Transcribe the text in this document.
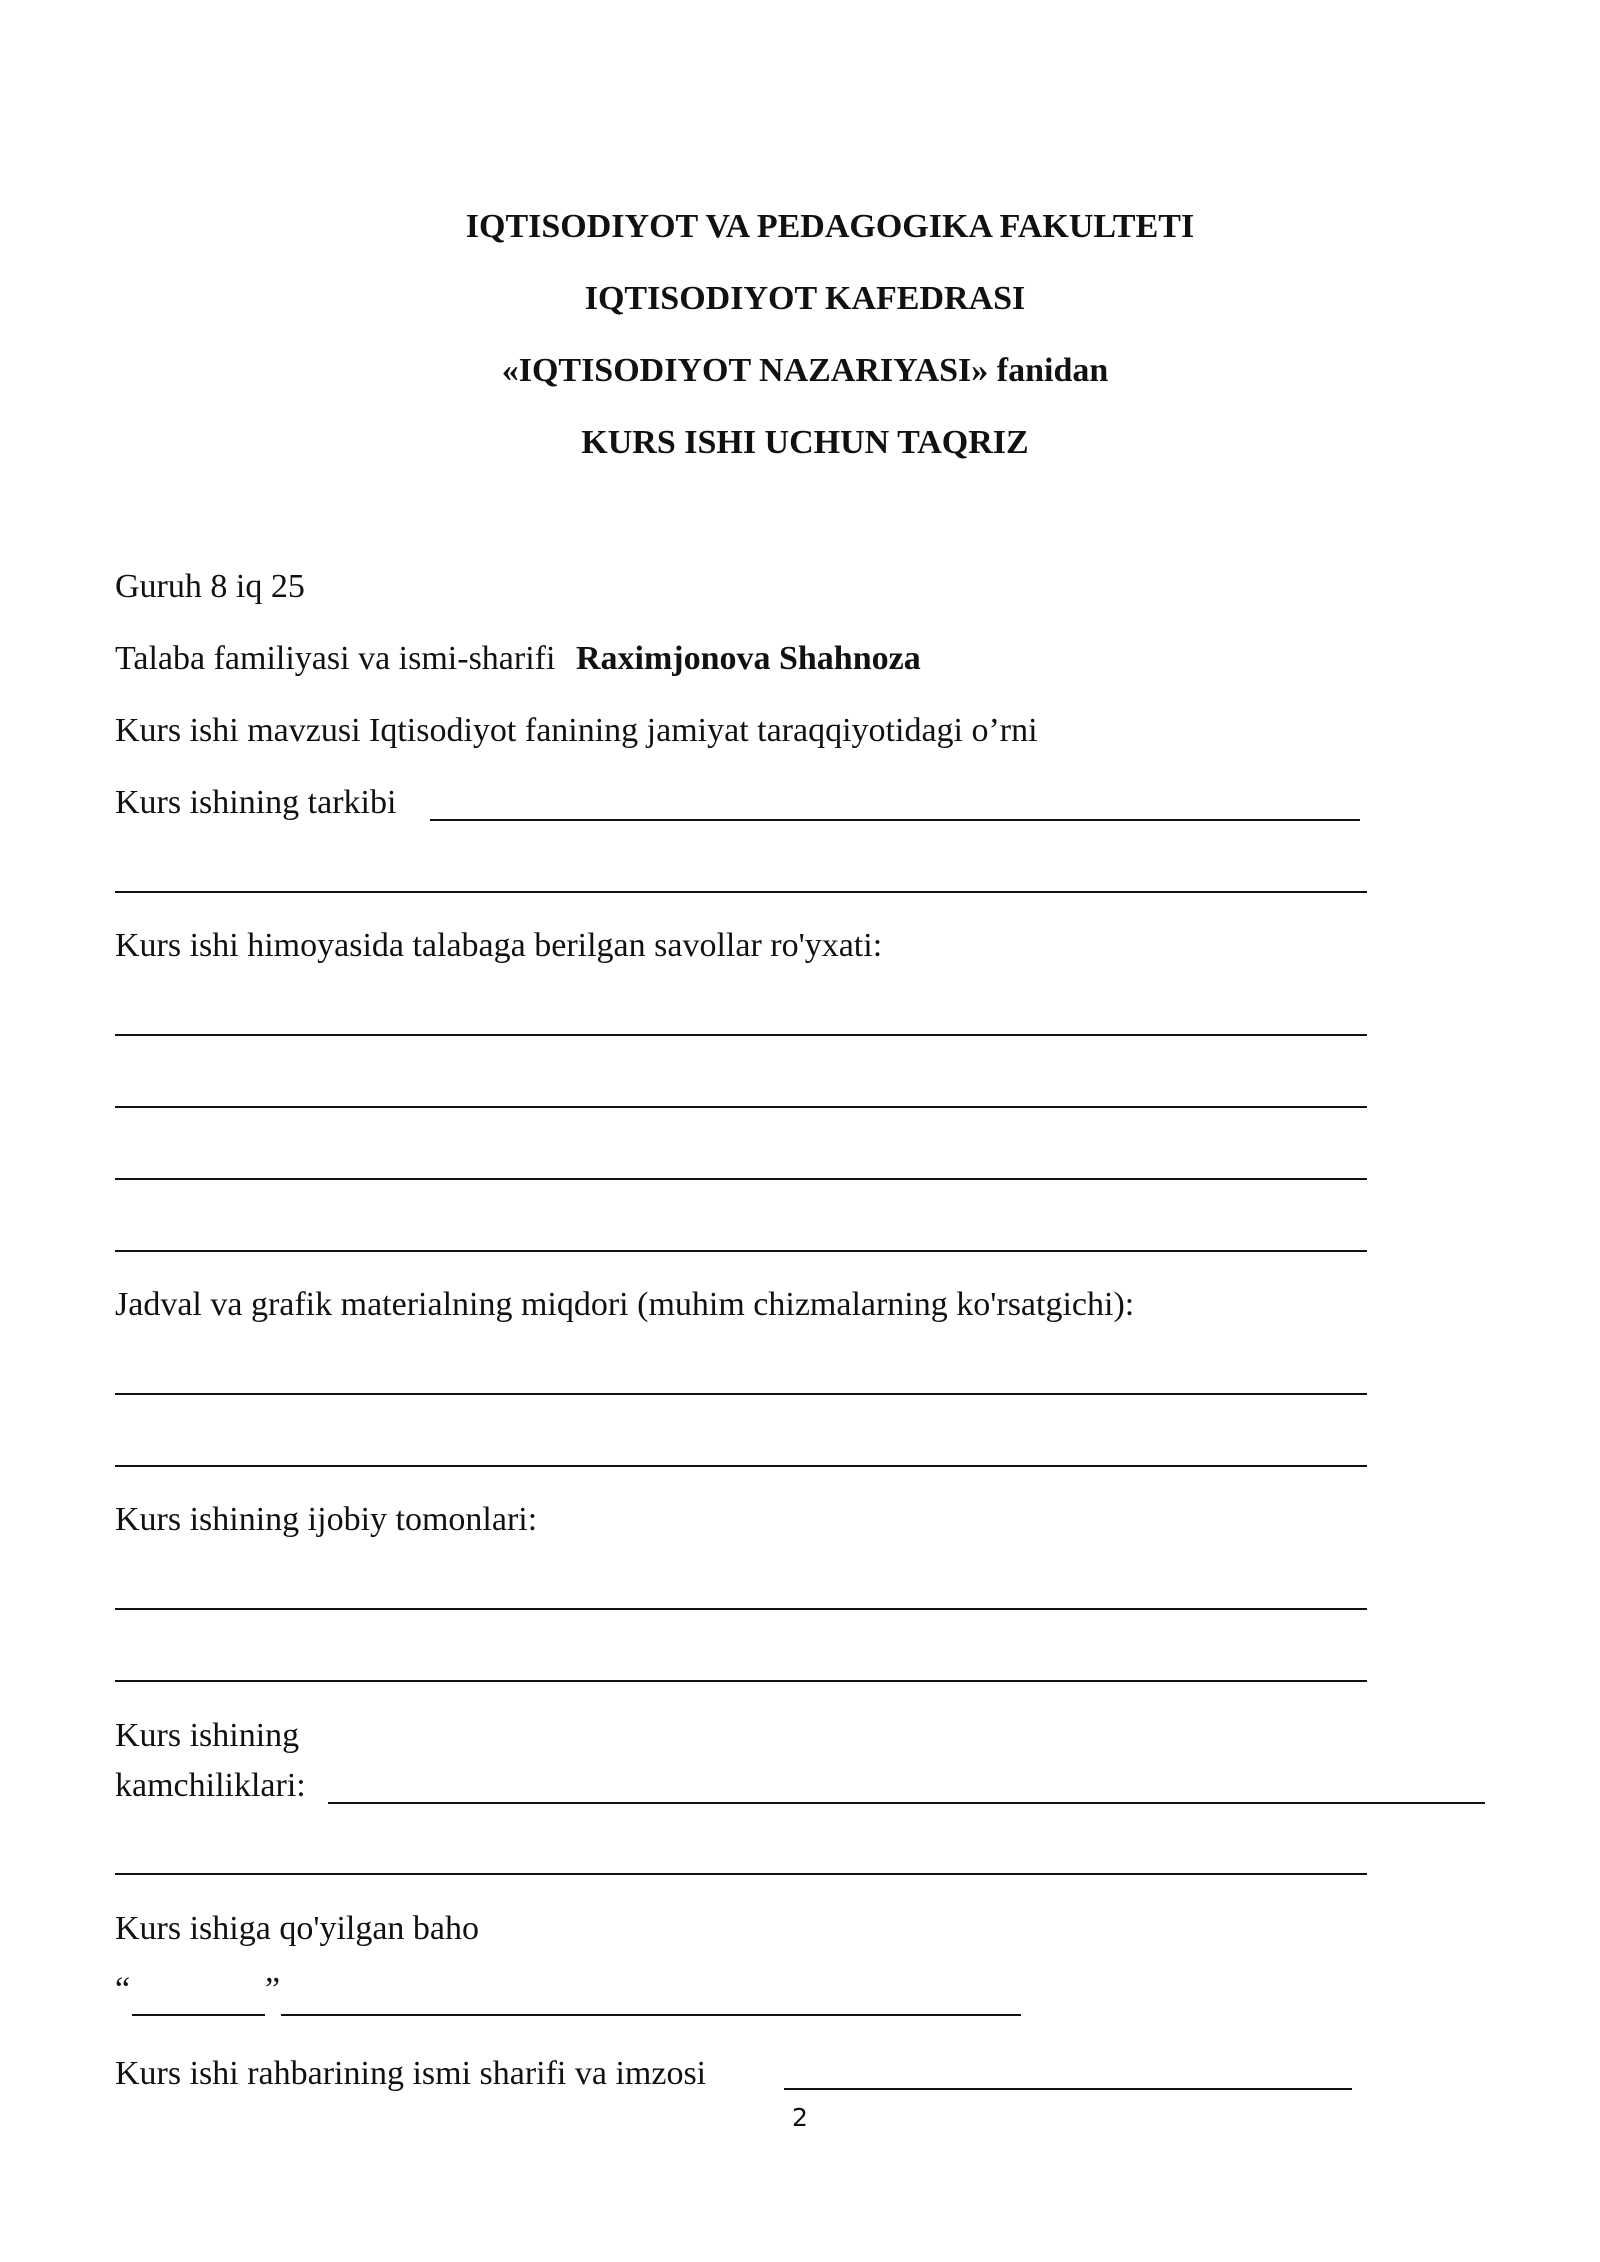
IQTISODIYOT VA PEDAGOGIKA FAKULTETI
IQTISODIYOT KAFEDRASI
«IQTISODIYOT NAZARIYASI» fanidan
KURS ISHI UCHUN TAQRIZ
Guruh 8 iq 25
Talaba familiyasi va ismi-sharifi Raximjonova Shahnoza
Kurs ishi mavzusi Iqtisodiyot fanining jamiyat taraqqiyotidagi o’rni
Kurs ishining tarkibi
Kurs ishi himoyasida talabaga berilgan savollar ro'yxati:
Jadval va grafik materialning miqdori (muhim chizmalarning ko'rsatgichi):
Kurs ishining ijobiy tomonlari:
Kurs ishining
kamchiliklari:
Kurs ishiga qo'yilgan baho
“	”
Kurs ishi rahbarining ismi sharifi va imzosi
2
